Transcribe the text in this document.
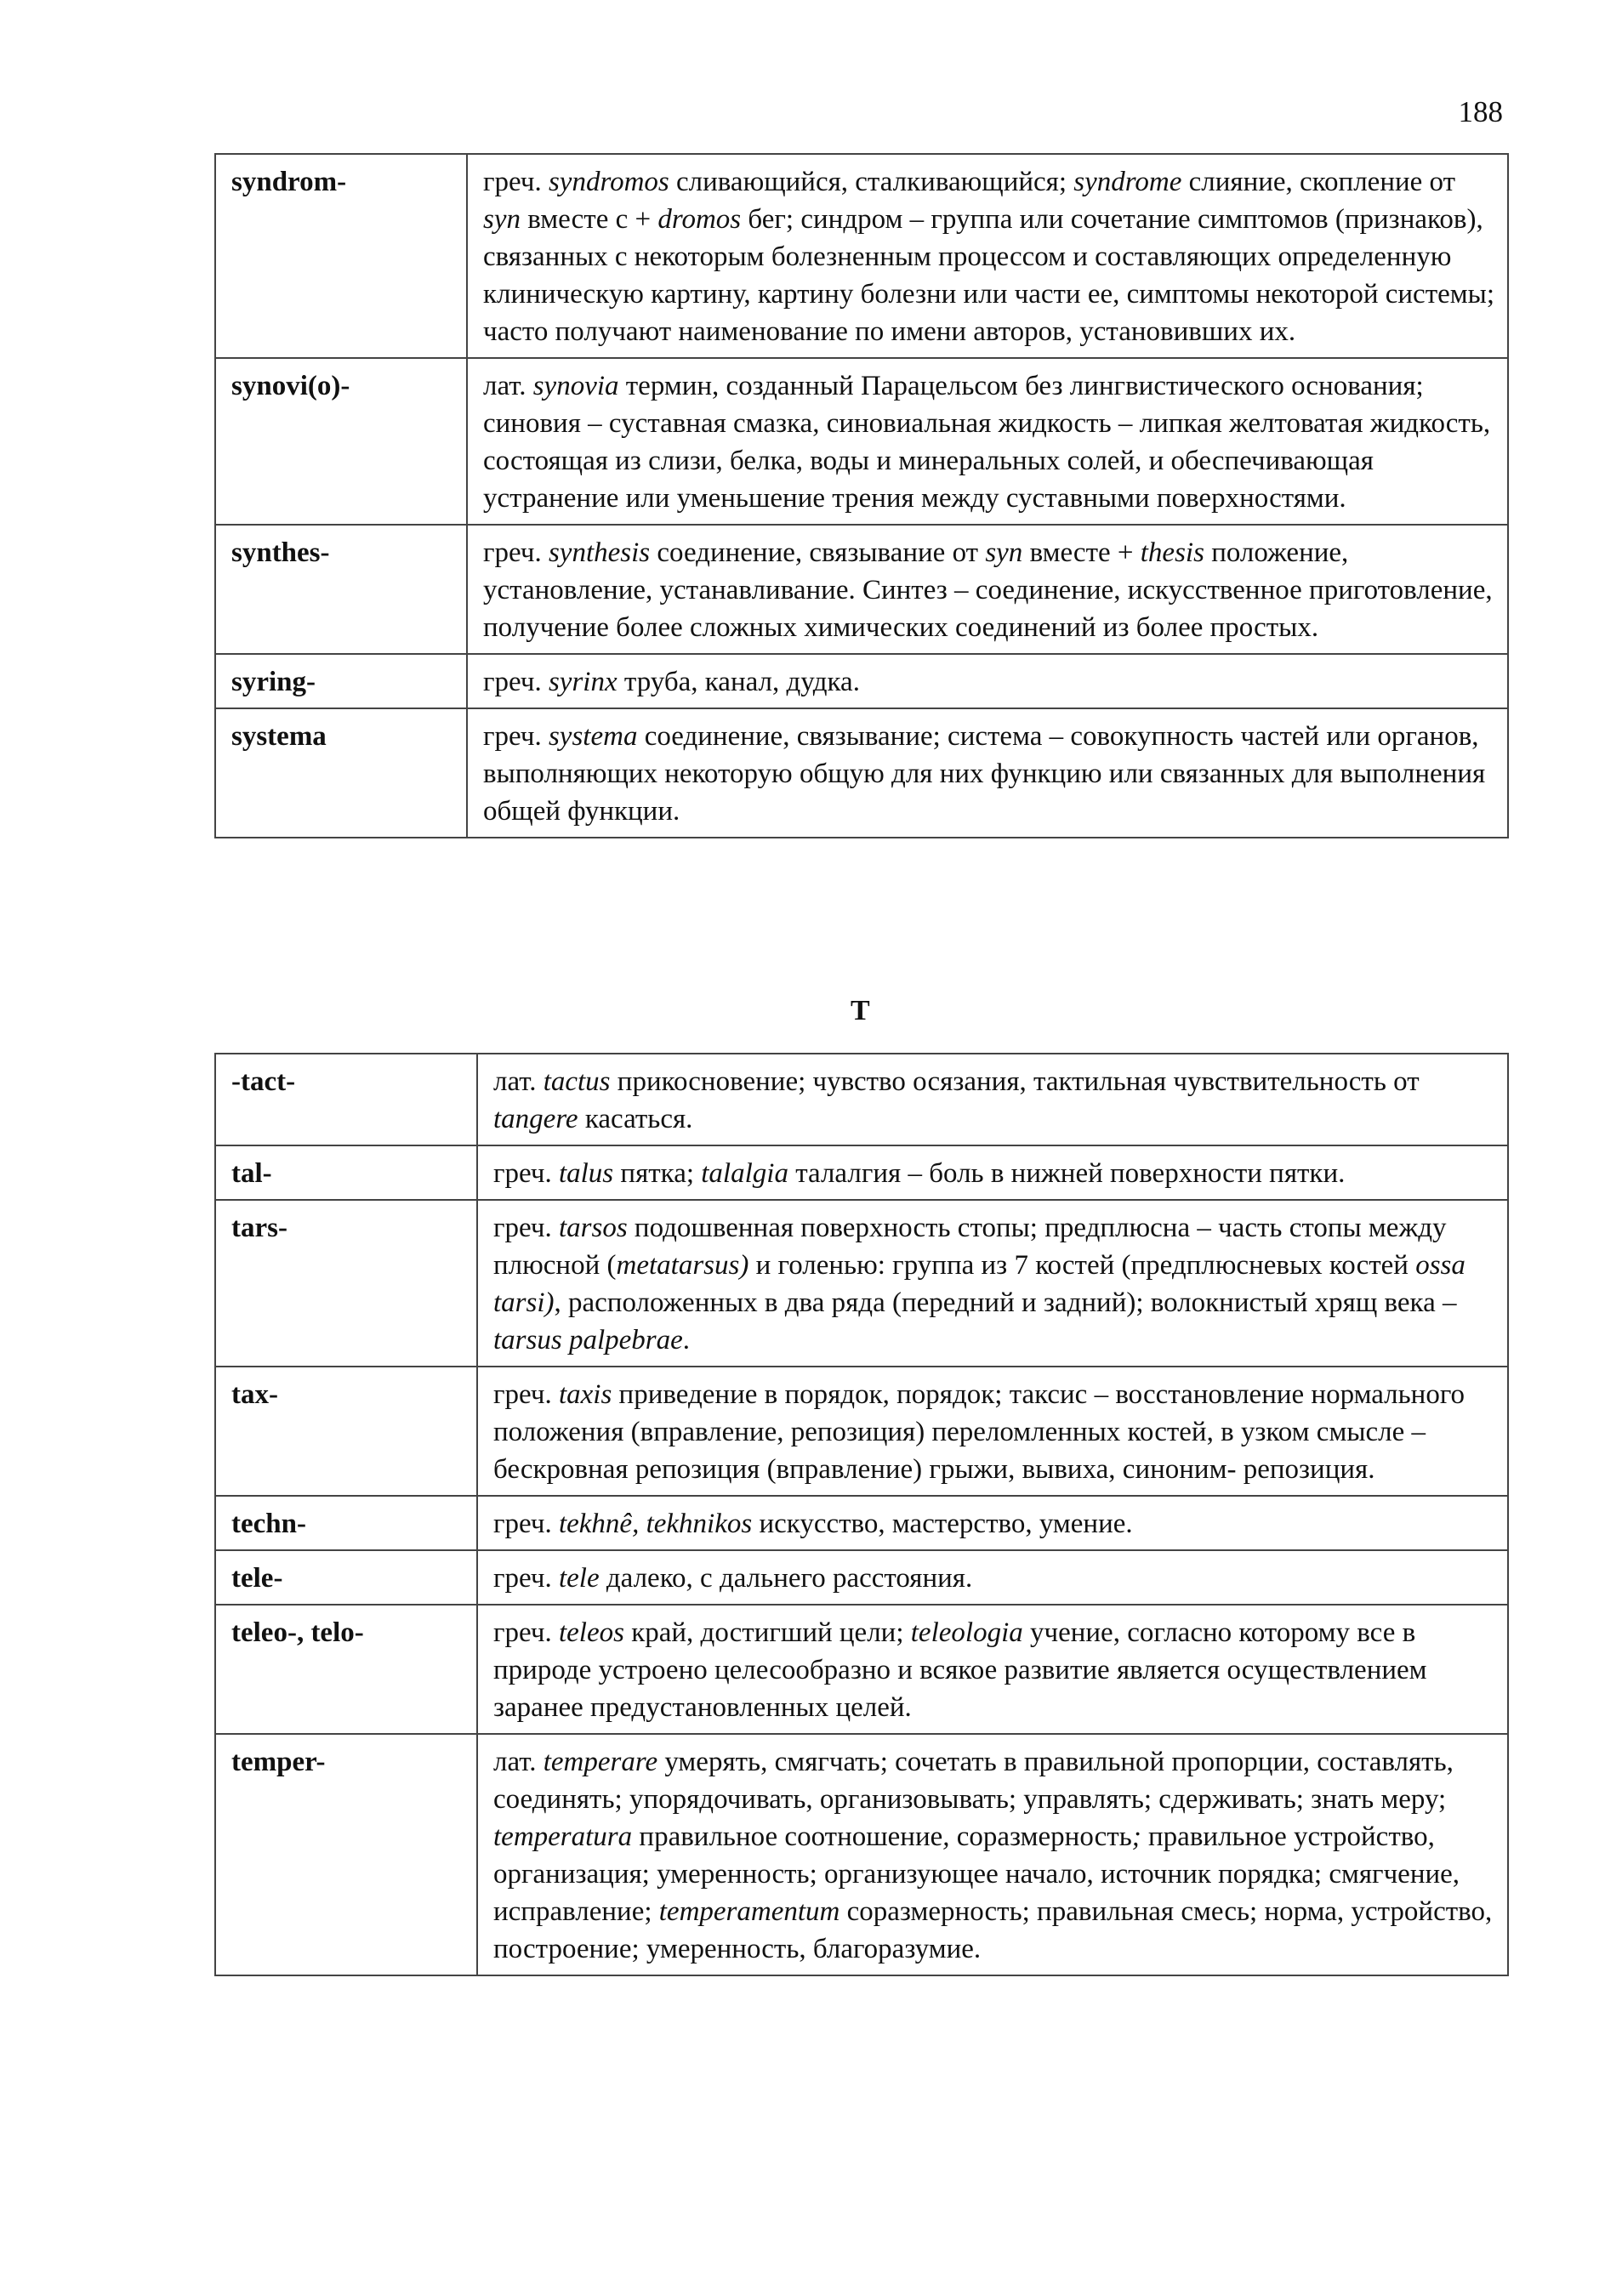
188
syndrom-	греч. syndromos сливающийся, сталкивающийся; syndrome слияние, скопление от syn вместе с + dromos бег; синдром – группа или сочетание симптомов (признаков), связанных с некоторым болезненным процессом и составляющих определенную клиническую картину, картину болезни или части ее, симптомы некоторой системы; часто получают наименование по имени авторов, установивших их.
synovi(o)-	лат. synovia термин, созданный Парацельсом без лингвистического основания; синовия – суставная смазка, синовиальная жидкость – липкая желтоватая жидкость, состоящая из слизи, белка, воды и минеральных солей, и обеспечивающая устранение или уменьшение трения между суставными поверхностями.
synthes-	греч. synthesis соединение, связывание от syn вместе + thesis положение, установление, устанавливание. Синтез – соединение, искусственное приготовление, получение более сложных химических соединений из более простых.
syring-	греч. syrinx труба, канал, дудка.
systema	греч. systema соединение, связывание; система – совокупность частей или органов, выполняющих некоторую общую для них функцию или связанных для выполнения общей функции.
T
-tact-	лат. tactus прикосновение; чувство осязания, тактильная чувствительность от tangere касаться.
tal-	греч. talus пятка; talalgia талалгия – боль в нижней поверхности пятки.
tars-	греч. tarsos подошвенная поверхность стопы; предплюсна – часть стопы между плюсной (metatarsus) и голенью: группа из 7 костей (предплюсневых костей ossa tarsi), расположенных в два ряда (передний и задний); волокнистый хрящ века – tarsus palpebrae.
tax-	греч. taxis приведение в порядок, порядок; таксис – восстановление нормального положения (вправление, репозиция) переломленных костей, в узком смысле – бескровная репозиция (вправление) грыжи, вывиха, синоним- репозиция.
techn-	греч. tekhnê, tekhnikos искусство, мастерство, умение.
tele-	греч. tele далеко, с дальнего расстояния.
teleo-, telo-	греч. teleos край, достигший цели; teleologia учение, согласно которому все в природе устроено целесообразно и всякое развитие является осуществлением заранее предустановленных целей.
temper-	лат. temperare умерять, смягчать; сочетать в правильной пропорции, составлять, соединять; упорядочивать, организовывать; управлять; сдерживать; знать меру; temperatura правильное соотношение, соразмерность; правильное устройство, организация; умеренность; организующее начало, источник порядка; смягчение, исправление; temperamentum соразмерность; правильная смесь; норма, устройство, построение; умеренность, благоразумие.
